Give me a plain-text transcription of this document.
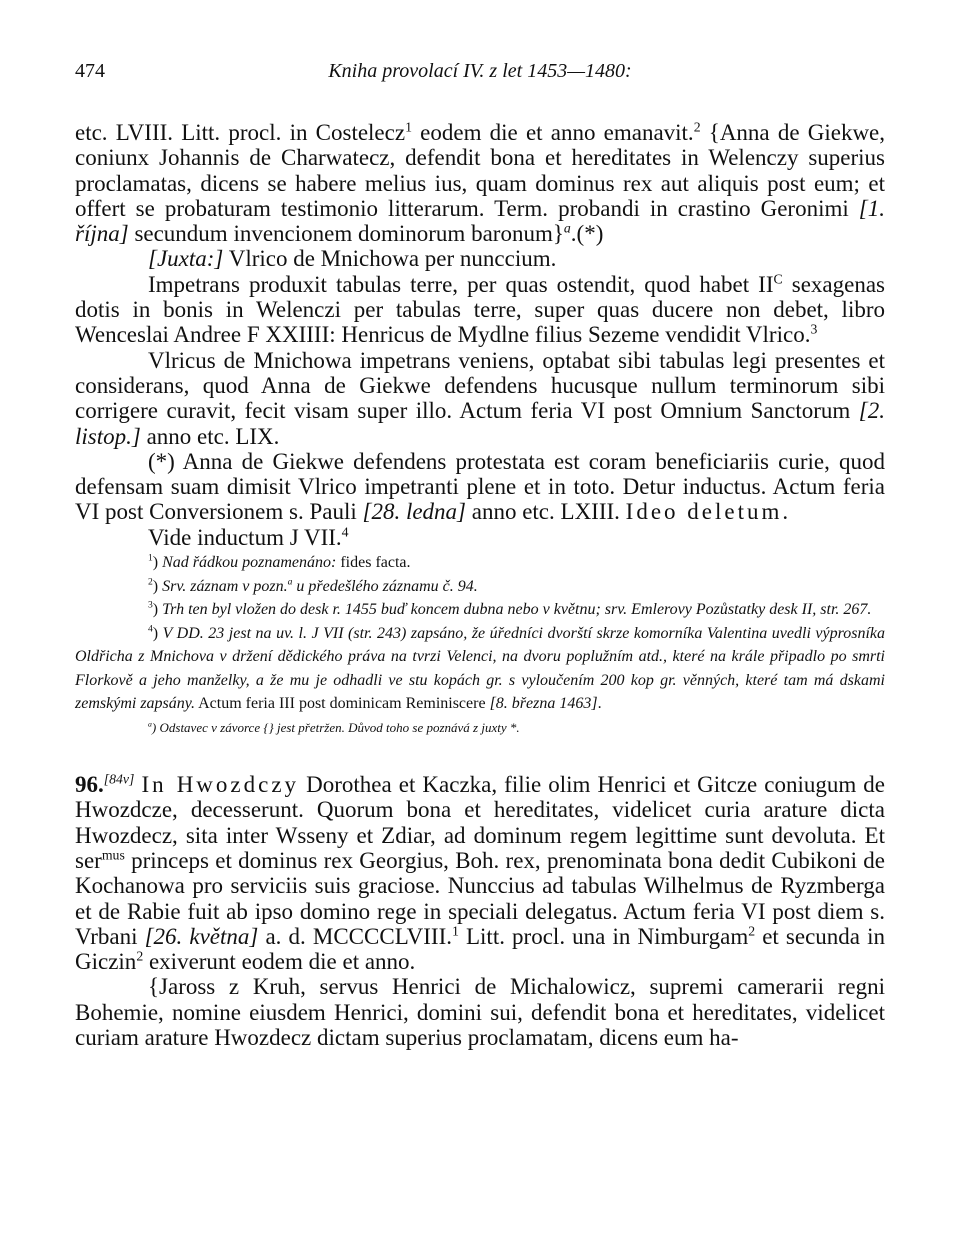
474	Kniha provolací IV. z let 1453—1480:

etc. LVIII. Litt. procl. in Costelecz$^1$ eodem die et anno emanavit.$^2$ {Anna de Giekwe, coniunx Johannis de Charwatecz, defendit bona et hereditates in Welenczy superius proclamatas, dicens se habere melius ius, quam dominus rex aut aliquis post eum; et offert se probaturam testimonio litterarum. Term. probandi in crastino Geronimi [1. října] secundum invencionem dominorum baronum}$^a$.(*)

[Juxta:] Vlrico de Mnichowa per nunccium.

Impetrans produxit tabulas terre, per quas ostendit, quod habet $II^C$ sexagenas dotis in bonis in Welenczi per tabulas terre, super quas ducere non debet, libro Wenceslai Andree F XXIIII: Henricus de Mydlne filius Sezeme vendidit Vlrico.$^3$

Vlricus de Mnichowa impetrans veniens, optabat sibi tabulas legi presentes et considerans, quod Anna de Giekwe defendens hucusque nullum terminorum sibi corrigere curavit, fecit visam super illo. Actum feria VI post Omnium Sanctorum [2. listop.] anno etc. LIX.

(*) Anna de Giekwe defendens protestata est coram beneficiariis curie, quod defensam suam dimisit Vlrico impetranti plene et in toto. Detur inductus. Actum feria VI post Conversionem s. Pauli [28. ledna] anno etc. LXIII. Ideo deletum.

Vide inductum J VII.$^4$

$^1$) Nad řádkou poznamenáno: fides facta.

$^2$) Srv. záznam v pozn.$^a$ u předešlého záznamu č. 94.

$^3$) Trh ten byl vložen do desk r. 1455 buď koncem dubna nebo v květnu; srv. Emlerovy Pozůstatky desk II, str. 267.

$^4$) V DD. 23 jest na uv. l. J VII (str. 243) zapsáno, že úředníci dvorští skrze komorníka Valentina uvedli výprosníka Oldřicha z Mnichova v držení dědického práva na tvrzi Velenci, na dvoru poplužním atd., které na krále připadlo po smrti Florkově a jeho manželky, a že mu je odhadli ve stu kopách gr. s vyloučením 200 kop gr. věnných, které tam má dskami zemskými zapsány. Actum feria III post dominicam Reminiscere [8. března 1463].

$^a$) Odstavec v závorce {} jest přetržen. Důvod toho se poznává z juxty *.

96.[84v] In Hwozdczy Dorothea et Kaczka, filie olim Henrici et Gitcze coniugum de Hwozdcze, decesserunt. Quorum bona et hereditates, videlicet curia arature dicta Hwozdecz, sita inter Wsseny et Zdiar, ad dominum regem legittime sunt devoluta. Et ser$^{mus}$ princeps et dominus rex Georgius, Boh. rex, prenominata bona dedit Cubikoni de Kochanowa pro serviciis suis graciose. Nunccius ad tabulas Wilhelmus de Ryzmberga et de Rabie fuit ab ipso domino rege in speciali delegatus. Actum feria VI post diem s. Vrbani [26. května] a. d. MCCCCLVIII.$^1$ Litt. procl. una in Nimburgam$^2$ et secunda in Giczin$^2$ exiverunt eodem die et anno.

{Jaross z Kruh, servus Henrici de Michalowicz, supremi camerarii regni Bohemie, nomine eiusdem Henrici, domini sui, defendit bona et hereditates, videlicet curiam arature Hwozdecz dictam superius proclamatam, dicens eum ha-
